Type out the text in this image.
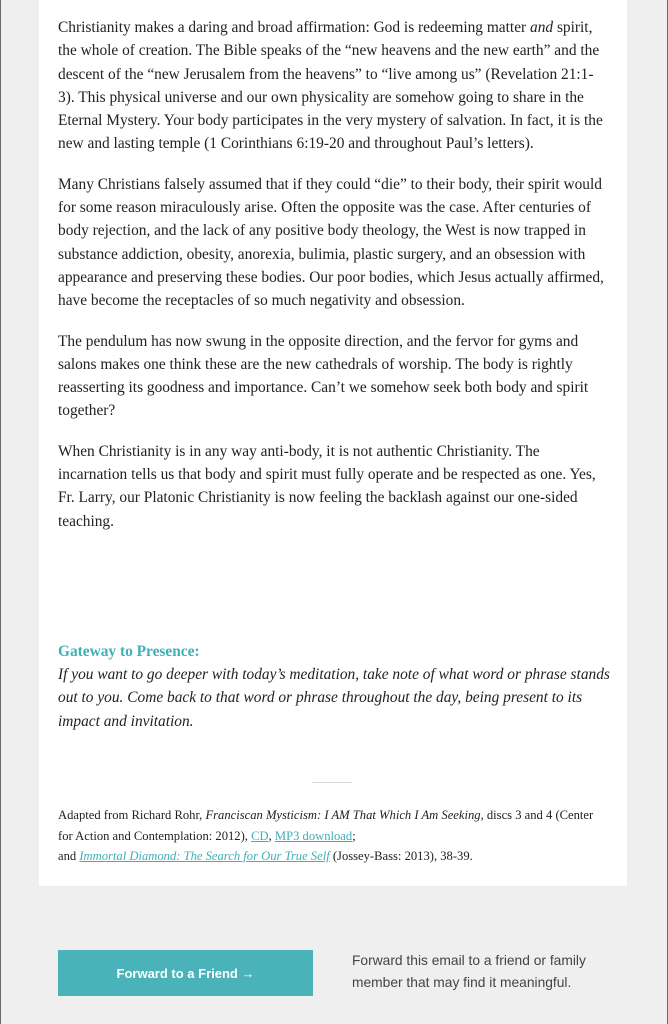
Christianity makes a daring and broad affirmation: God is redeeming matter and spirit, the whole of creation. The Bible speaks of the “new heavens and the new earth” and the descent of the “new Jerusalem from the heavens” to “live among us” (Revelation 21:1-3). This physical universe and our own physicality are somehow going to share in the Eternal Mystery. Your body participates in the very mystery of salvation. In fact, it is the new and lasting temple (1 Corinthians 6:19-20 and throughout Paul’s letters).

Many Christians falsely assumed that if they could “die” to their body, their spirit would for some reason miraculously arise. Often the opposite was the case. After centuries of body rejection, and the lack of any positive body theology, the West is now trapped in substance addiction, obesity, anorexia, bulimia, plastic surgery, and an obsession with appearance and preserving these bodies. Our poor bodies, which Jesus actually affirmed, have become the receptacles of so much negativity and obsession.

The pendulum has now swung in the opposite direction, and the fervor for gyms and salons makes one think these are the new cathedrals of worship. The body is rightly reasserting its goodness and importance. Can’t we somehow seek both body and spirit together?

When Christianity is in any way anti-body, it is not authentic Christianity. The incarnation tells us that body and spirit must fully operate and be respected as one. Yes, Fr. Larry, our Platonic Christianity is now feeling the backlash against our one-sided teaching.

Gateway to Presence:
If you want to go deeper with today’s meditation, take note of what word or phrase stands out to you. Come back to that word or phrase throughout the day, being present to its impact and invitation.
Adapted from Richard Rohr, Franciscan Mysticism: I AM That Which I Am Seeking, discs 3 and 4 (Center for Action and Contemplation: 2012), CD, MP3 download;
and Immortal Diamond: The Search for Our True Self (Jossey-Bass: 2013), 38-39.
Forward to a Friend →
Forward this email to a friend or family member that may find it meaningful.
